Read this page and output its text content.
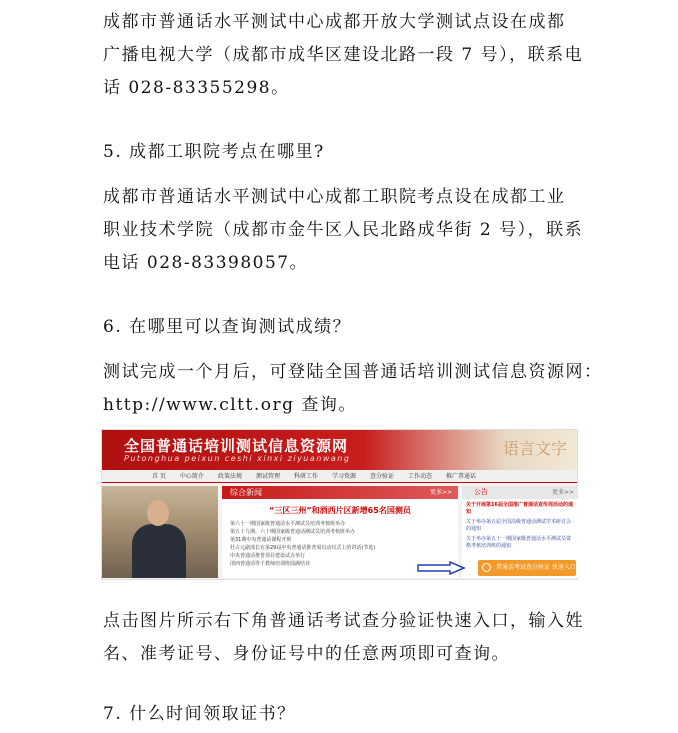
成都市普通话水平测试中心成都开放大学测试点设在成都
广播电视大学（成都市成华区建设北路一段 7 号），联系电
话 028-83355298。

5. 成都工职院考点在哪里?

成都市普通话水平测试中心成都工职院考点设在成都工业
职业技术学院（成都市金牛区人民北路成华街 2 号），联系
电话 028-83398057。

6. 在哪里可以查询测试成绩？

测试完成一个月后，可登陆全国普通话培训测试信息资源网：
http://www.cltt.org 查询。
全国普通话培训测试信息资源网
Putonghua peixun ceshi xinxi ziyuanwang
语言文字
首 页 中心简介 政策法规 测试管理 科研工作 学习资源 查分验证 工作动态 推广普通话
综合新闻	更多>>
“三区三州”和酒西片区新增65名国测员
第六十一期国家级普通话水平测试员培训考核班举办
第五十九期、六十期国家级普通话测试员培训考核班举办
第31期中央普通话课程开班
杜占元副部长在第29届中央普通话推普周启动仪式上的讲话(节选)
中央普通话推普项目建设试点举行
清西普通话等千教师培训班圆满结业
公告	更多>>
关于开展第16届全国推广普通话宣传周活动的通知
关于举办第五届全国高级普通话测试学术研讨会的通知
关于举办第五十一期国家级普通话水平测试员资格考核培训班的通知
普通话考试查分验证 快速入口 >>
点击图片所示右下角普通话考试查分验证快速入口，输入姓
名、准考证号、身份证号中的任意两项即可查询。

7. 什么时间领取证书？
